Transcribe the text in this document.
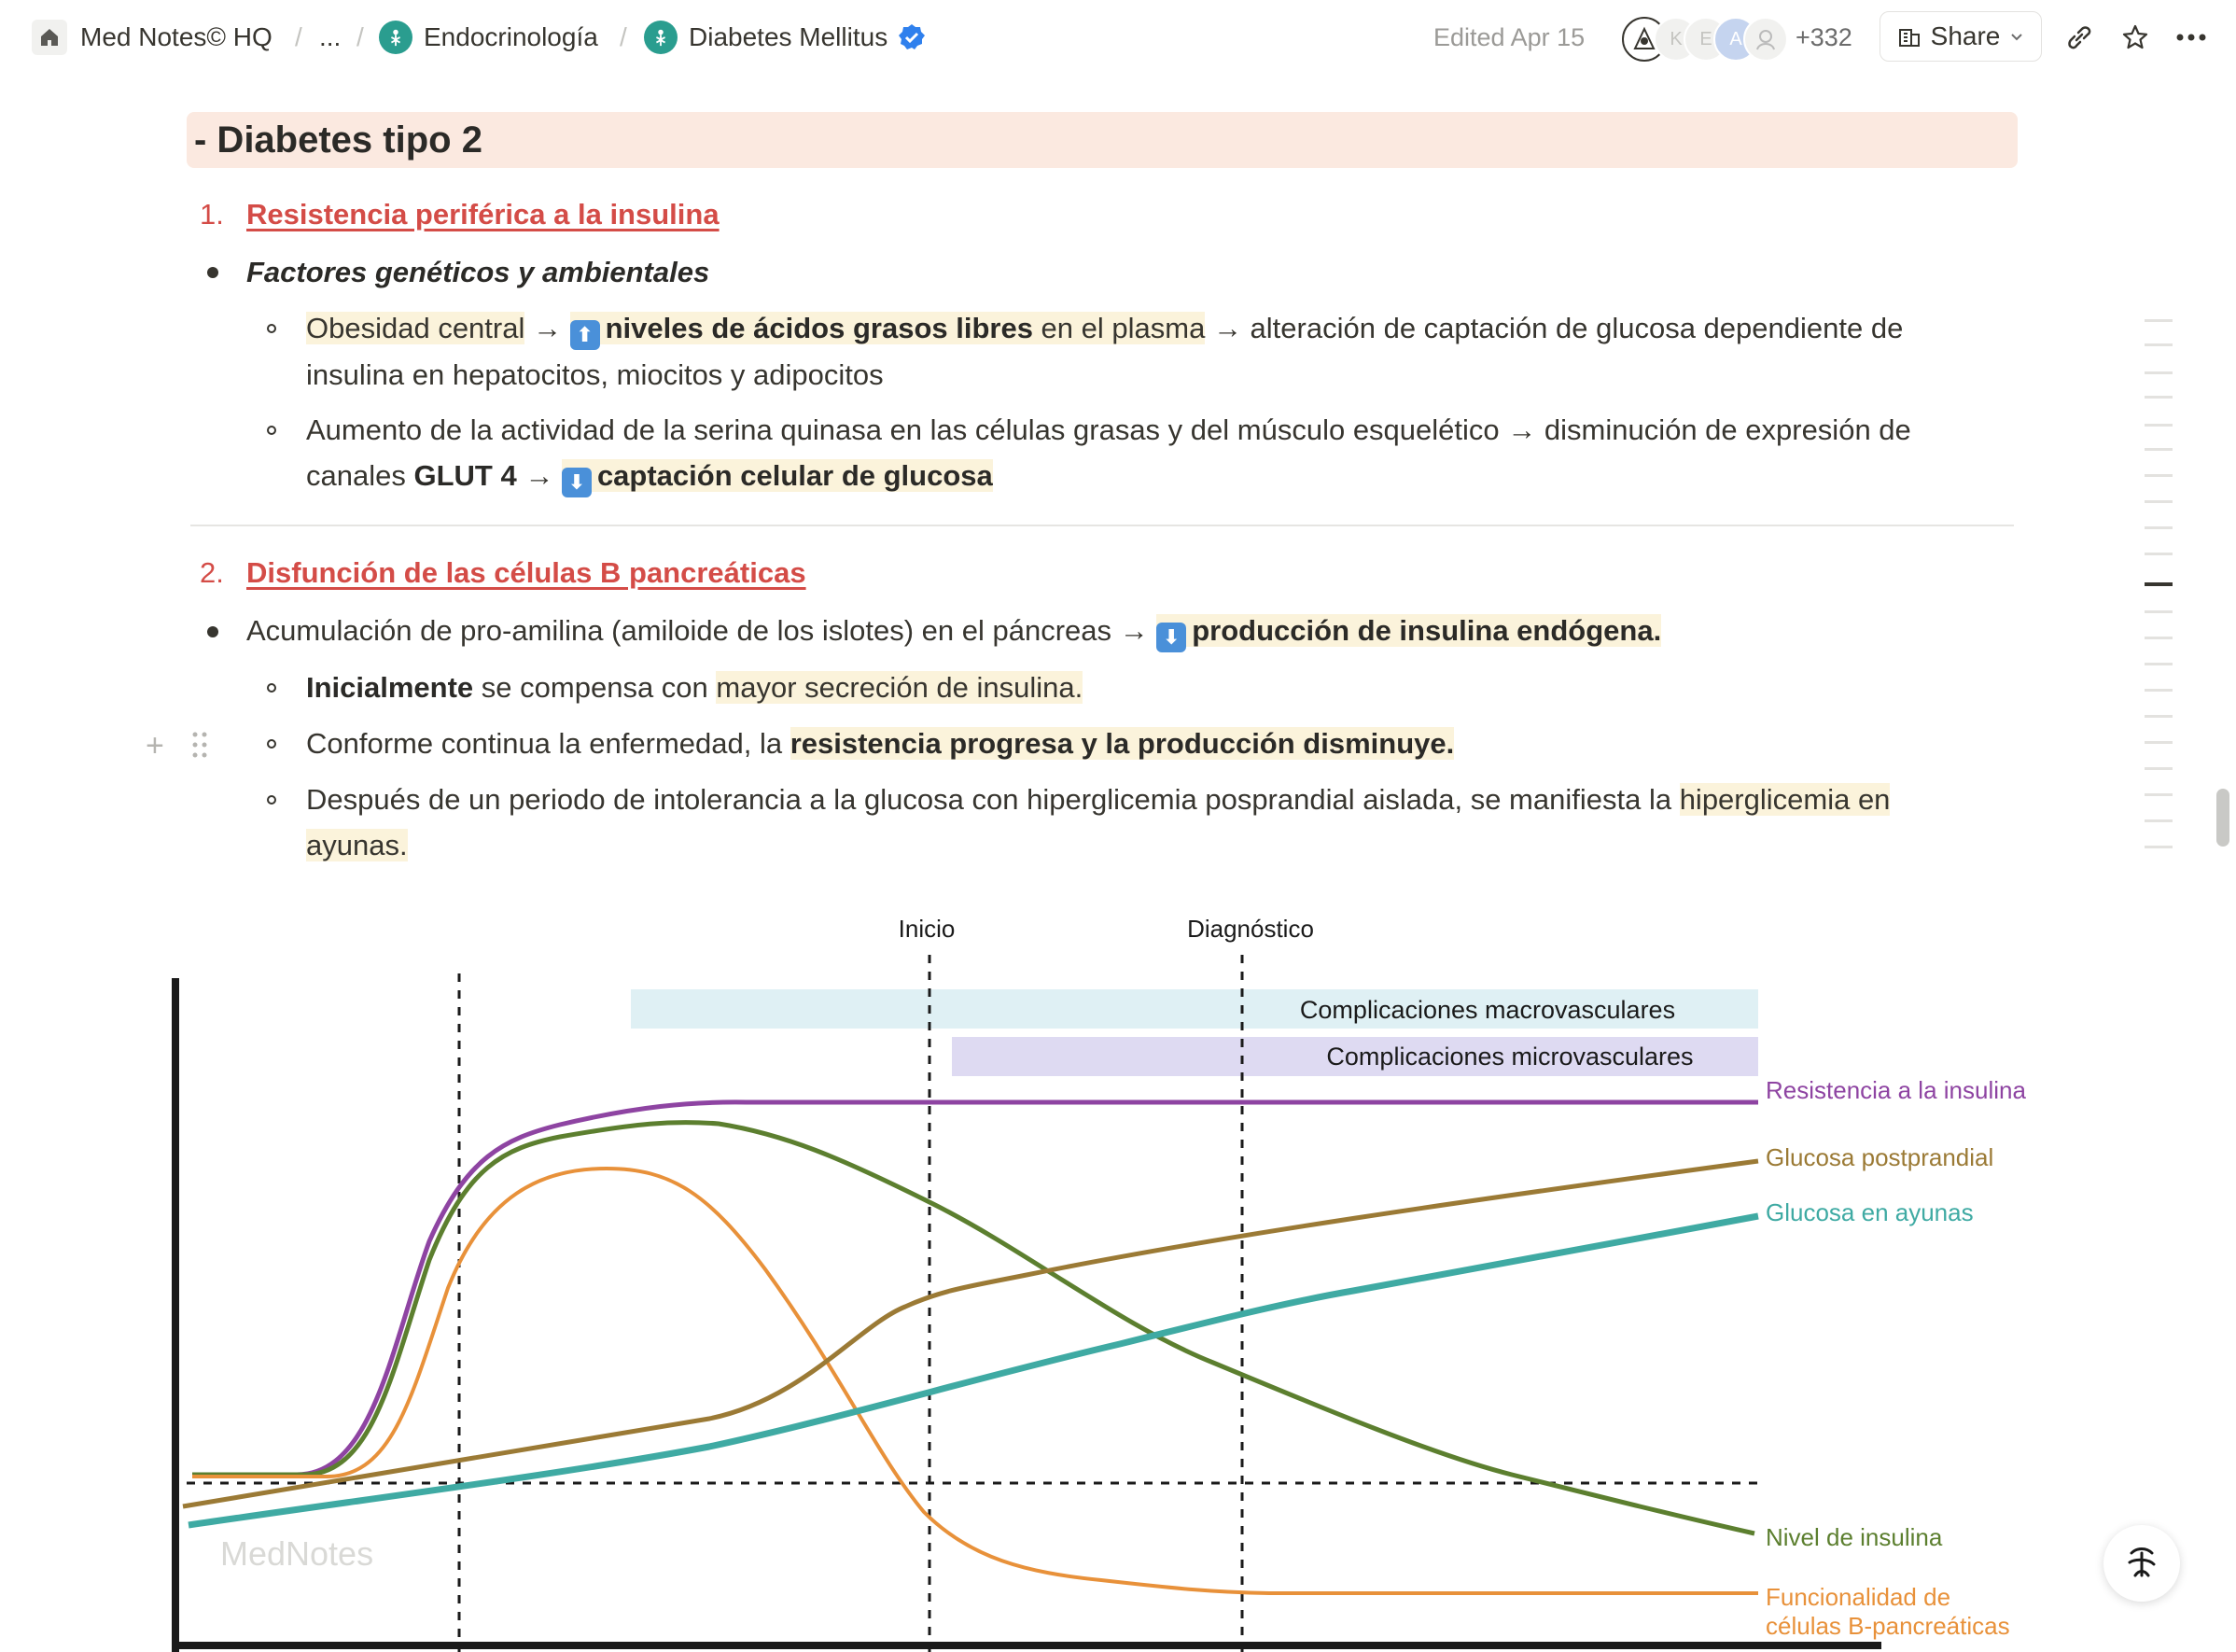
Med Notes© HQ / ... / Endocrinología / Diabetes Mellitus	Edited Apr 15	K E A	+332	Share
- Diabetes tipo 2
1. Resistencia periférica a la insulina
Factores genéticos y ambientales
Obesidad central → ⬆ niveles de ácidos grasos libres en el plasma → alteración de captación de glucosa dependiente de
insulina en hepatocitos, miocitos y adipocitos
Aumento de la actividad de la serina quinasa en las células grasas y del músculo esquelético → disminución de expresión de
canales GLUT 4 → ⬇ captación celular de glucosa
2. Disfunción de las células B pancreáticas
Acumulación de pro-amilina (amiloide de los islotes) en el páncreas → ⬇ producción de insulina endógena.
Inicialmente se compensa con mayor secreción de insulina.
+	Conforme continua la enfermedad, la resistencia progresa y la producción disminuye.
Después de un periodo de intolerancia a la glucosa con hiperglicemia posprandial aislada, se manifiesta la hiperglicemia en
ayunas.
Complicaciones macrovasculares
Complicaciones microvasculares
Inicio	Diagnóstico
Resistencia a la insulina
Glucosa postprandial
Glucosa en ayunas
Nivel de insulina
Funcionalidad de
células B-pancreáticas
MedNotes
